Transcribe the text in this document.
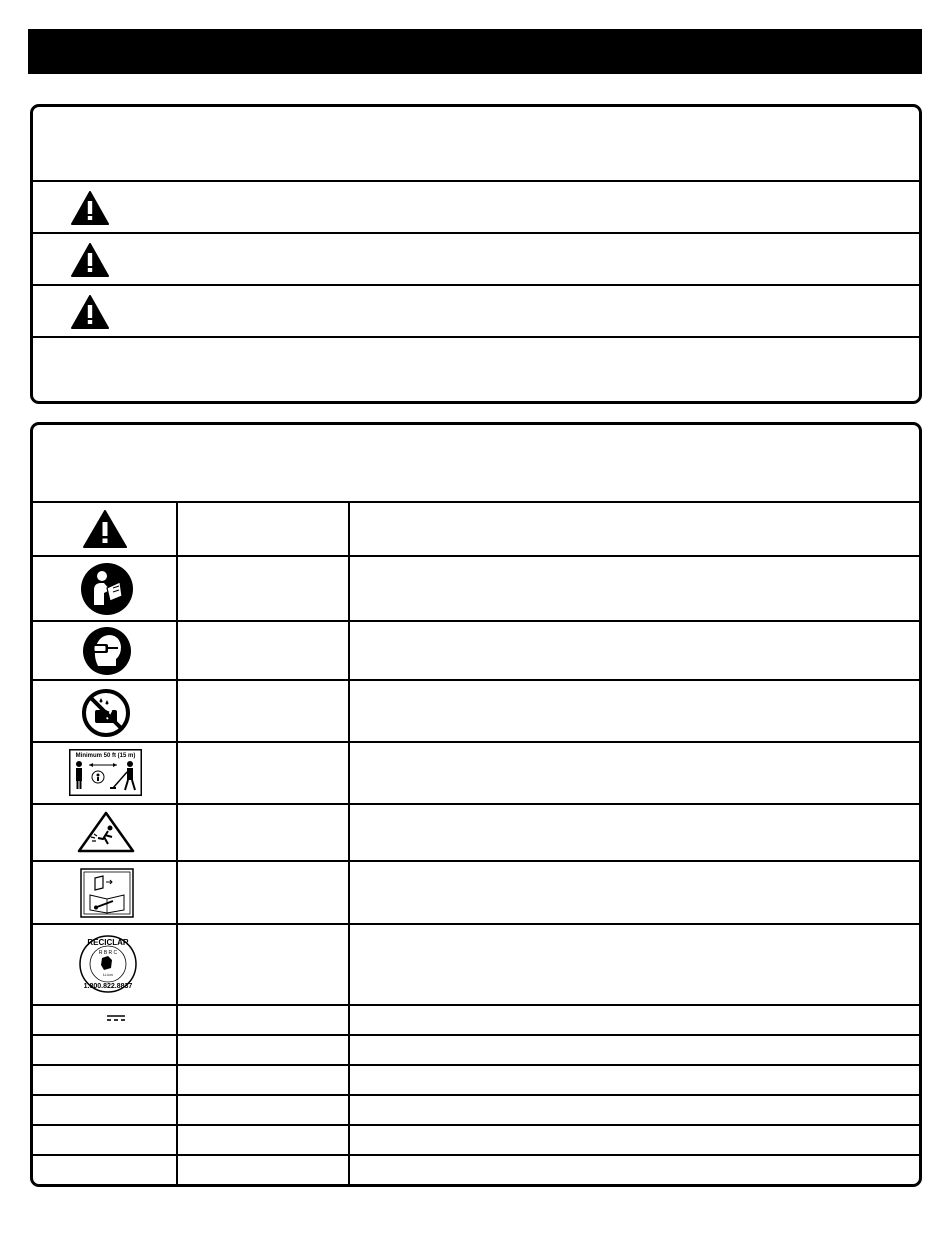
Minimum 50 ft (15 m)
RECICLAR
R B R C
Li-ion
1.800.822.8837
